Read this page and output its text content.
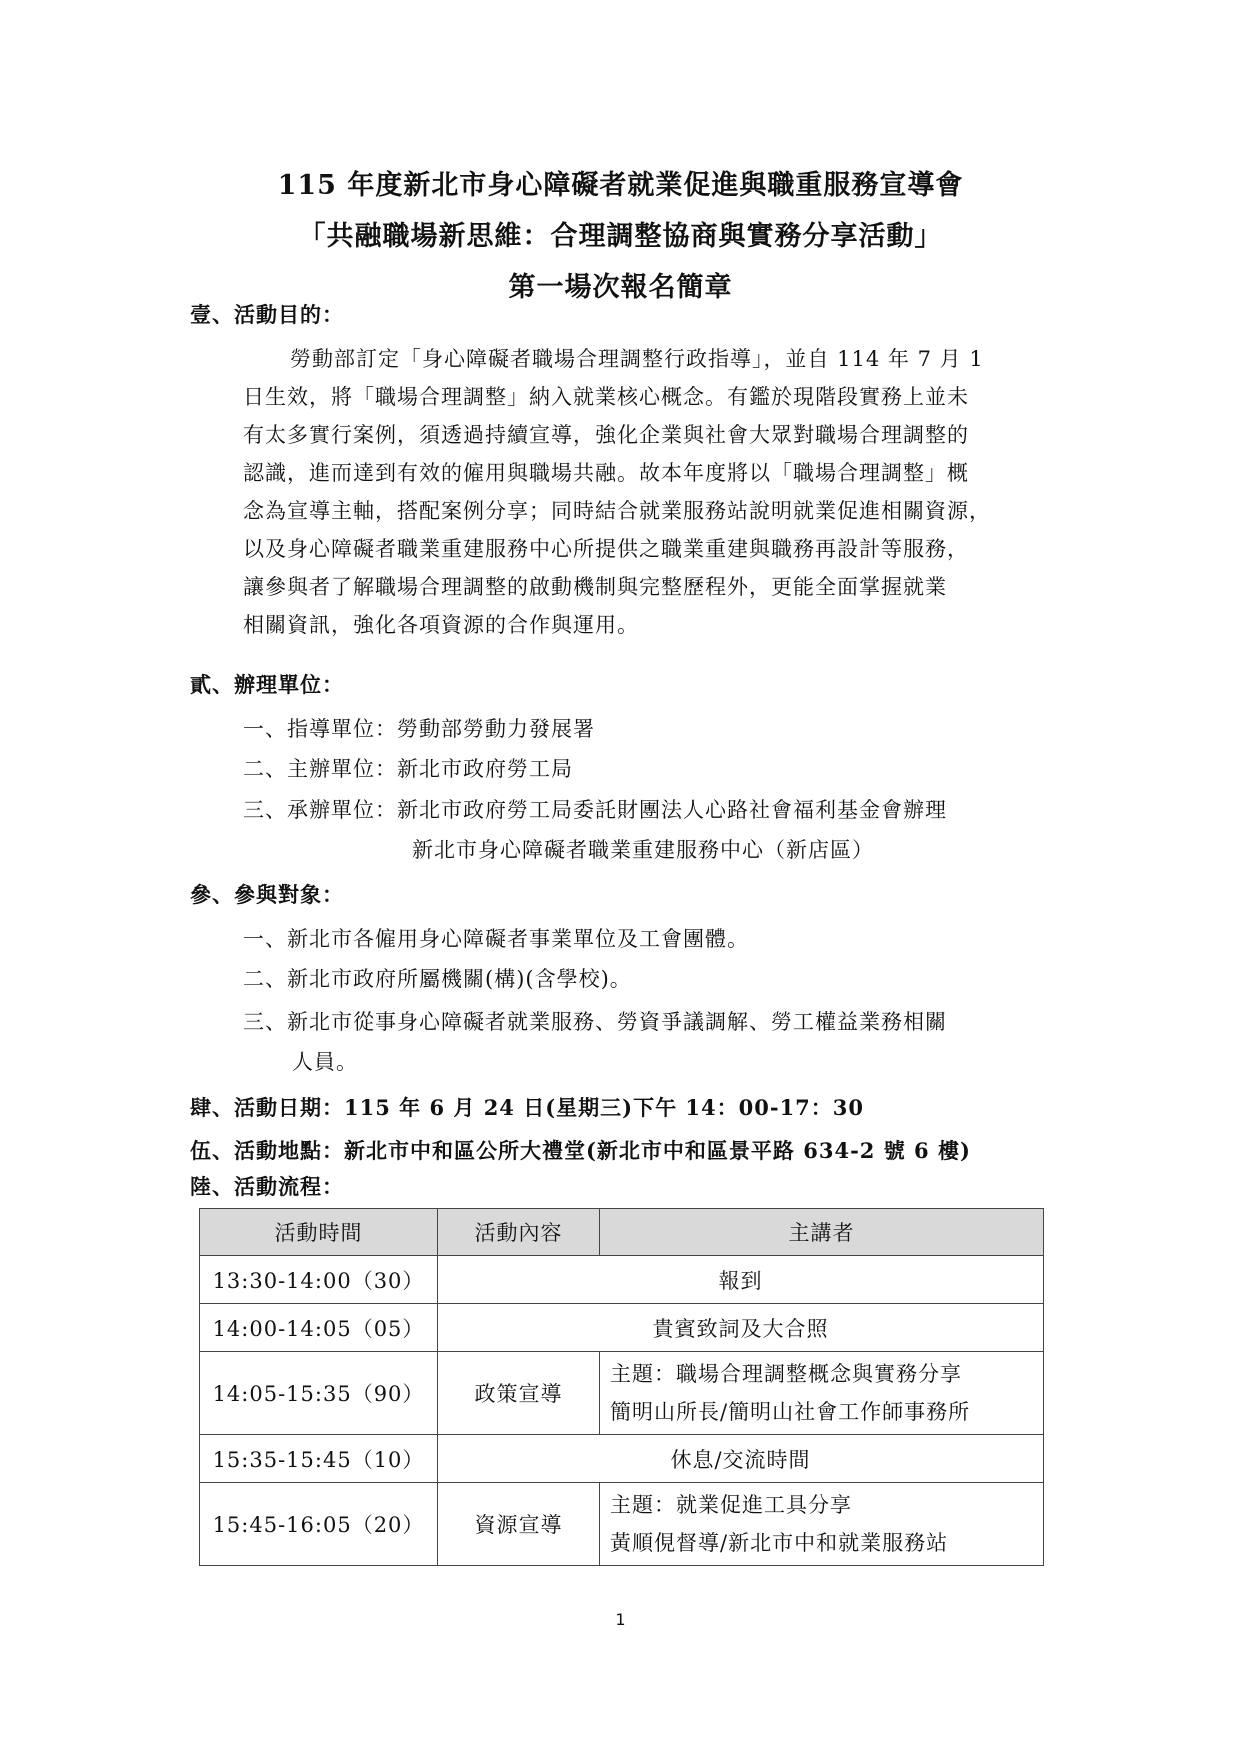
115 年度新北市身心障礙者就業促進與職重服務宣導會
「共融職場新思維：合理調整協商與實務分享活動」
第一場次報名簡章
壹、活動目的：
勞動部訂定「身心障礙者職場合理調整行政指導」，並自 114 年 7 月 1
日生效，將「職場合理調整」納入就業核心概念。有鑑於現階段實務上並未
有太多實行案例，須透過持續宣導，強化企業與社會大眾對職場合理調整的
認識，進而達到有效的僱用與職場共融。故本年度將以「職場合理調整」概
念為宣導主軸，搭配案例分享；同時結合就業服務站說明就業促進相關資源，
以及身心障礙者職業重建服務中心所提供之職業重建與職務再設計等服務，
讓參與者了解職場合理調整的啟動機制與完整歷程外，更能全面掌握就業
相關資訊，強化各項資源的合作與運用。
貳、辦理單位：
一、指導單位：勞動部勞動力發展署
二、主辦單位：新北市政府勞工局
三、承辦單位：新北市政府勞工局委託財團法人心路社會福利基金會辦理
新北市身心障礙者職業重建服務中心（新店區）
參、參與對象：
一、新北市各僱用身心障礙者事業單位及工會團體。
二、新北市政府所屬機關(構)(含學校)。
三、新北市從事身心障礙者就業服務、勞資爭議調解、勞工權益業務相關
人員。
肆、活動日期：115 年 6 月 24 日(星期三)下午 14：00-17：30
伍、活動地點：新北市中和區公所大禮堂(新北市中和區景平路 634-2 號 6 樓)
陸、活動流程：
活動時間	活動內容	主講者
13:30-14:00（30）	報到	
14:00-14:05（05）	貴賓致詞及大合照	
14:05-15:35（90）	政策宣導	主題：職場合理調整概念與實務分享
簡明山所長/簡明山社會工作師事務所

15:35-15:45（10）	休息/交流時間	
15:45-16:05（20）	資源宣導	主題：就業促進工具分享
黃順俔督導/新北市中和就業服務站
1
